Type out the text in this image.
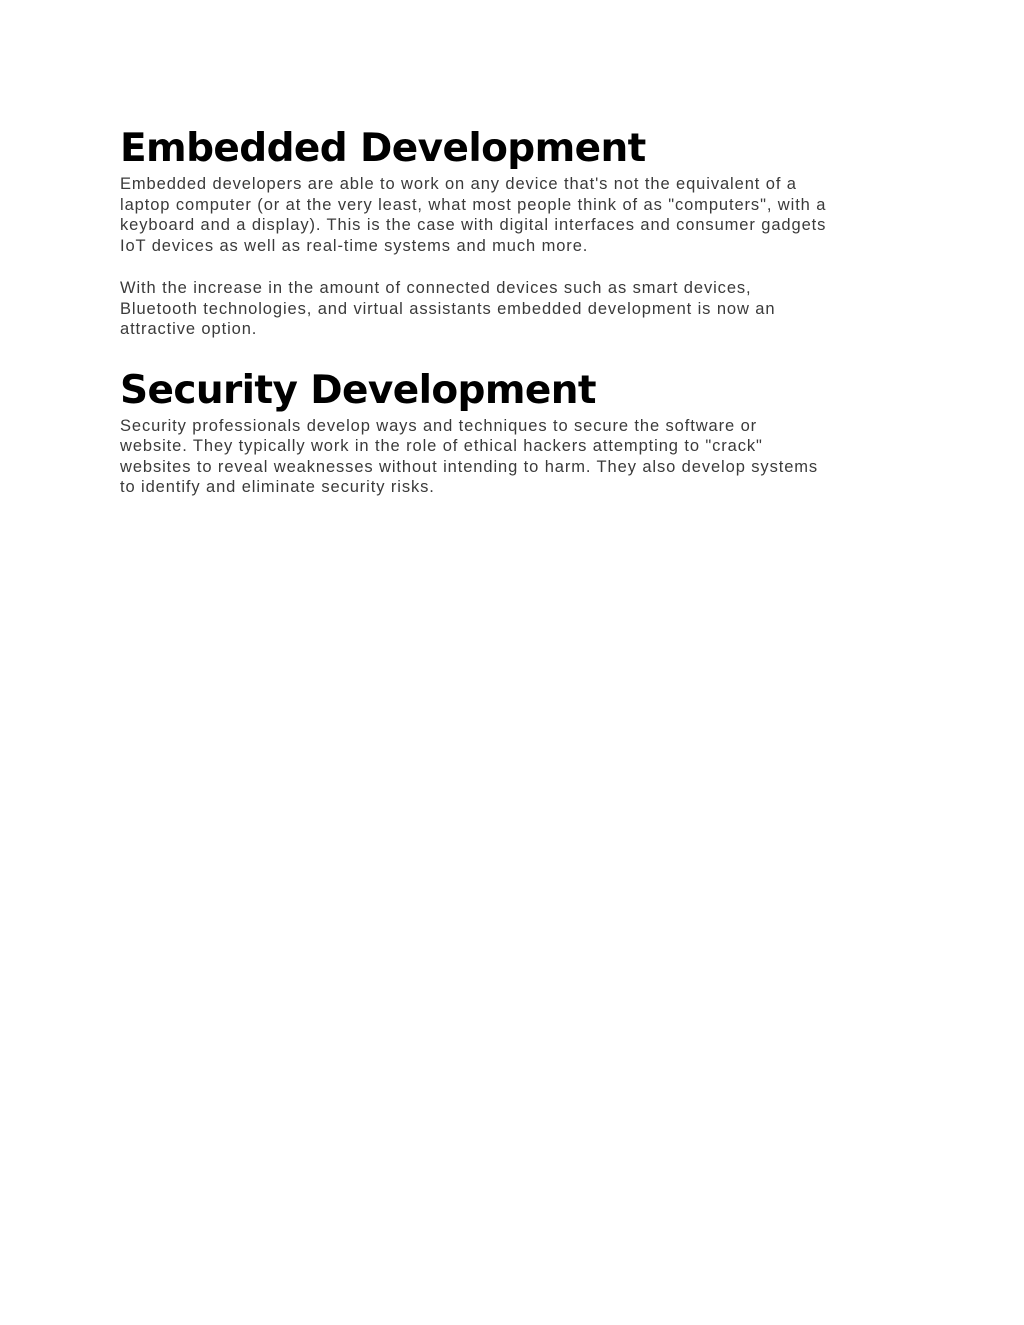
Embedded Development

Embedded developers are able to work on any device that's not the equivalent of a
laptop computer (or at the very least, what most people think of as "computers", with a
keyboard and a display). This is the case with digital interfaces and consumer gadgets
IoT devices as well as real-time systems and much more.

With the increase in the amount of connected devices such as smart devices,
Bluetooth technologies, and virtual assistants embedded development is now an
attractive option.

Security Development

Security professionals develop ways and techniques to secure the software or
website. They typically work in the role of ethical hackers attempting to "crack"
websites to reveal weaknesses without intending to harm. They also develop systems
to identify and eliminate security risks.
